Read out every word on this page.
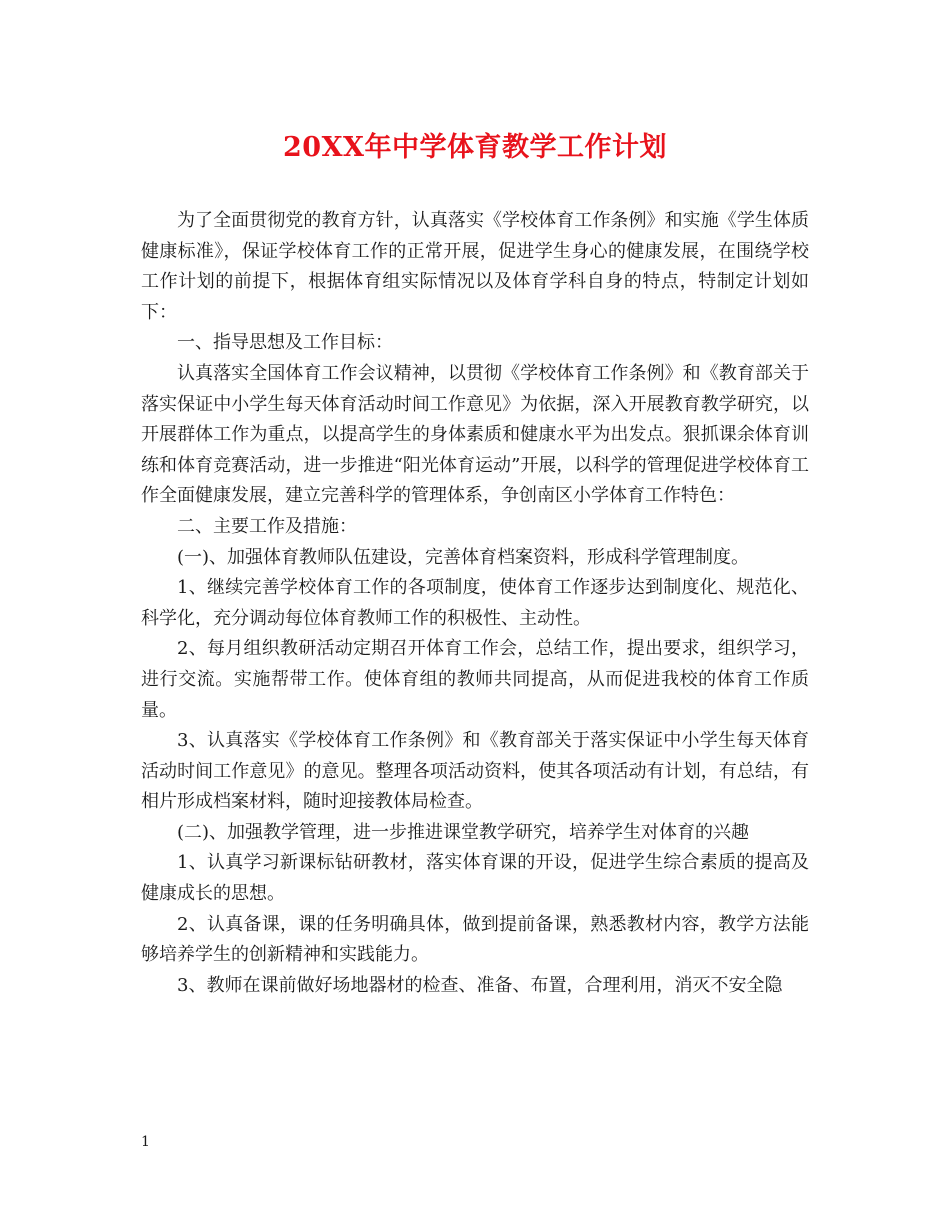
20XX年中学体育教学工作计划

为了全面贯彻党的教育方针，认真落实《学校体育工作条例》和实施《学生体质健康标准》，保证学校体育工作的正常开展，促进学生身心的健康发展，在围绕学校工作计划的前提下，根据体育组实际情况以及体育学科自身的特点，特制定计划如下：

一、指导思想及工作目标：

认真落实全国体育工作会议精神，以贯彻《学校体育工作条例》和《教育部关于落实保证中小学生每天体育活动时间工作意见》为依据，深入开展教育教学研究，以开展群体工作为重点，以提高学生的身体素质和健康水平为出发点。狠抓课余体育训练和体育竞赛活动，进一步推进“阳光体育运动”开展，以科学的管理促进学校体育工作全面健康发展，建立完善科学的管理体系，争创南区小学体育工作特色：

二、主要工作及措施：

(一)、加强体育教师队伍建设，完善体育档案资料，形成科学管理制度。

1、继续完善学校体育工作的各项制度，使体育工作逐步达到制度化、规范化、科学化，充分调动每位体育教师工作的积极性、主动性。

2、每月组织教研活动定期召开体育工作会，总结工作，提出要求，组织学习，进行交流。实施帮带工作。使体育组的教师共同提高，从而促进我校的体育工作质量。

3、认真落实《学校体育工作条例》和《教育部关于落实保证中小学生每天体育活动时间工作意见》的意见。整理各项活动资料，使其各项活动有计划，有总结，有相片形成档案材料，随时迎接教体局检查。

(二)、加强教学管理，进一步推进课堂教学研究，培养学生对体育的兴趣

1、认真学习新课标钻研教材，落实体育课的开设，促进学生综合素质的提高及健康成长的思想。

2、认真备课，课的任务明确具体，做到提前备课，熟悉教材内容，教学方法能够培养学生的创新精神和实践能力。

3、教师在课前做好场地器材的检查、准备、布置，合理利用，消灭不安全隐

1
